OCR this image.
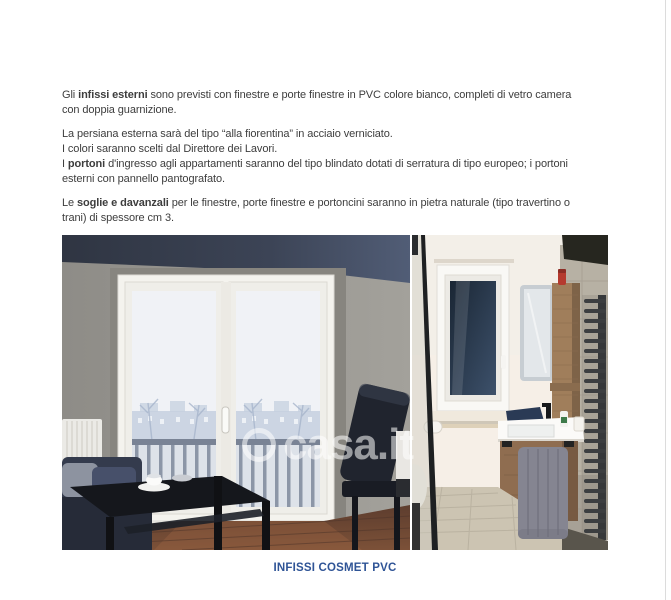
Gli infissi esterni sono previsti con finestre e porte finestre in PVC colore bianco, completi di vetro camera
con doppia guarnizione.

La persiana esterna sarà del tipo “alla fiorentina” in acciaio verniciato.
I colori saranno scelti dal Direttore dei Lavori.
I portoni d'ingresso agli appartamenti saranno del tipo blindato dotati di serratura di tipo europeo; i portoni
esterni con pannello pantografato.

Le soglie e davanzali per le finestre, porte finestre e portoncini saranno in pietra naturale (tipo travertino o
trani) di spessore cm 3.

casa.it
INFISSI COSMET PVC
